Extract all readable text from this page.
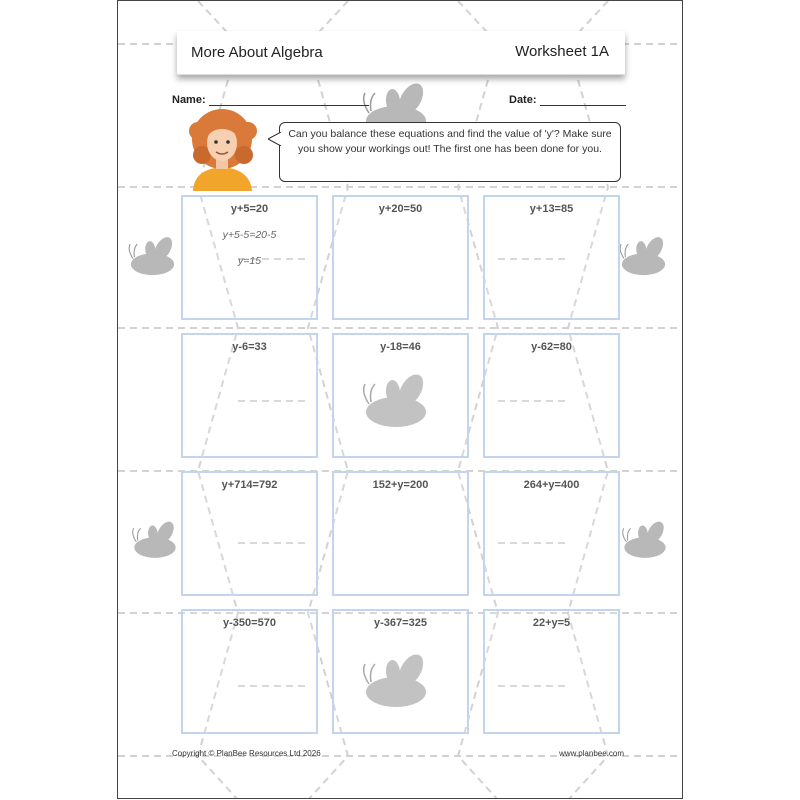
More About Algebra	Worksheet 1A
Name:	Date:
Can you balance these equations and find the value of 'y'? Make sure you show your workings out! The first one has been done for you.
y+5=20
y+5-5=20-5
y=15
y+20=50	y+13=85
y-6=33	y-18=46	y-62=80
y+714=792	152+y=200	264+y=400
y-350=570	y-367=325	22+y=5
Copyright © PlanBee Resources Ltd 2026	www.planbee.com
